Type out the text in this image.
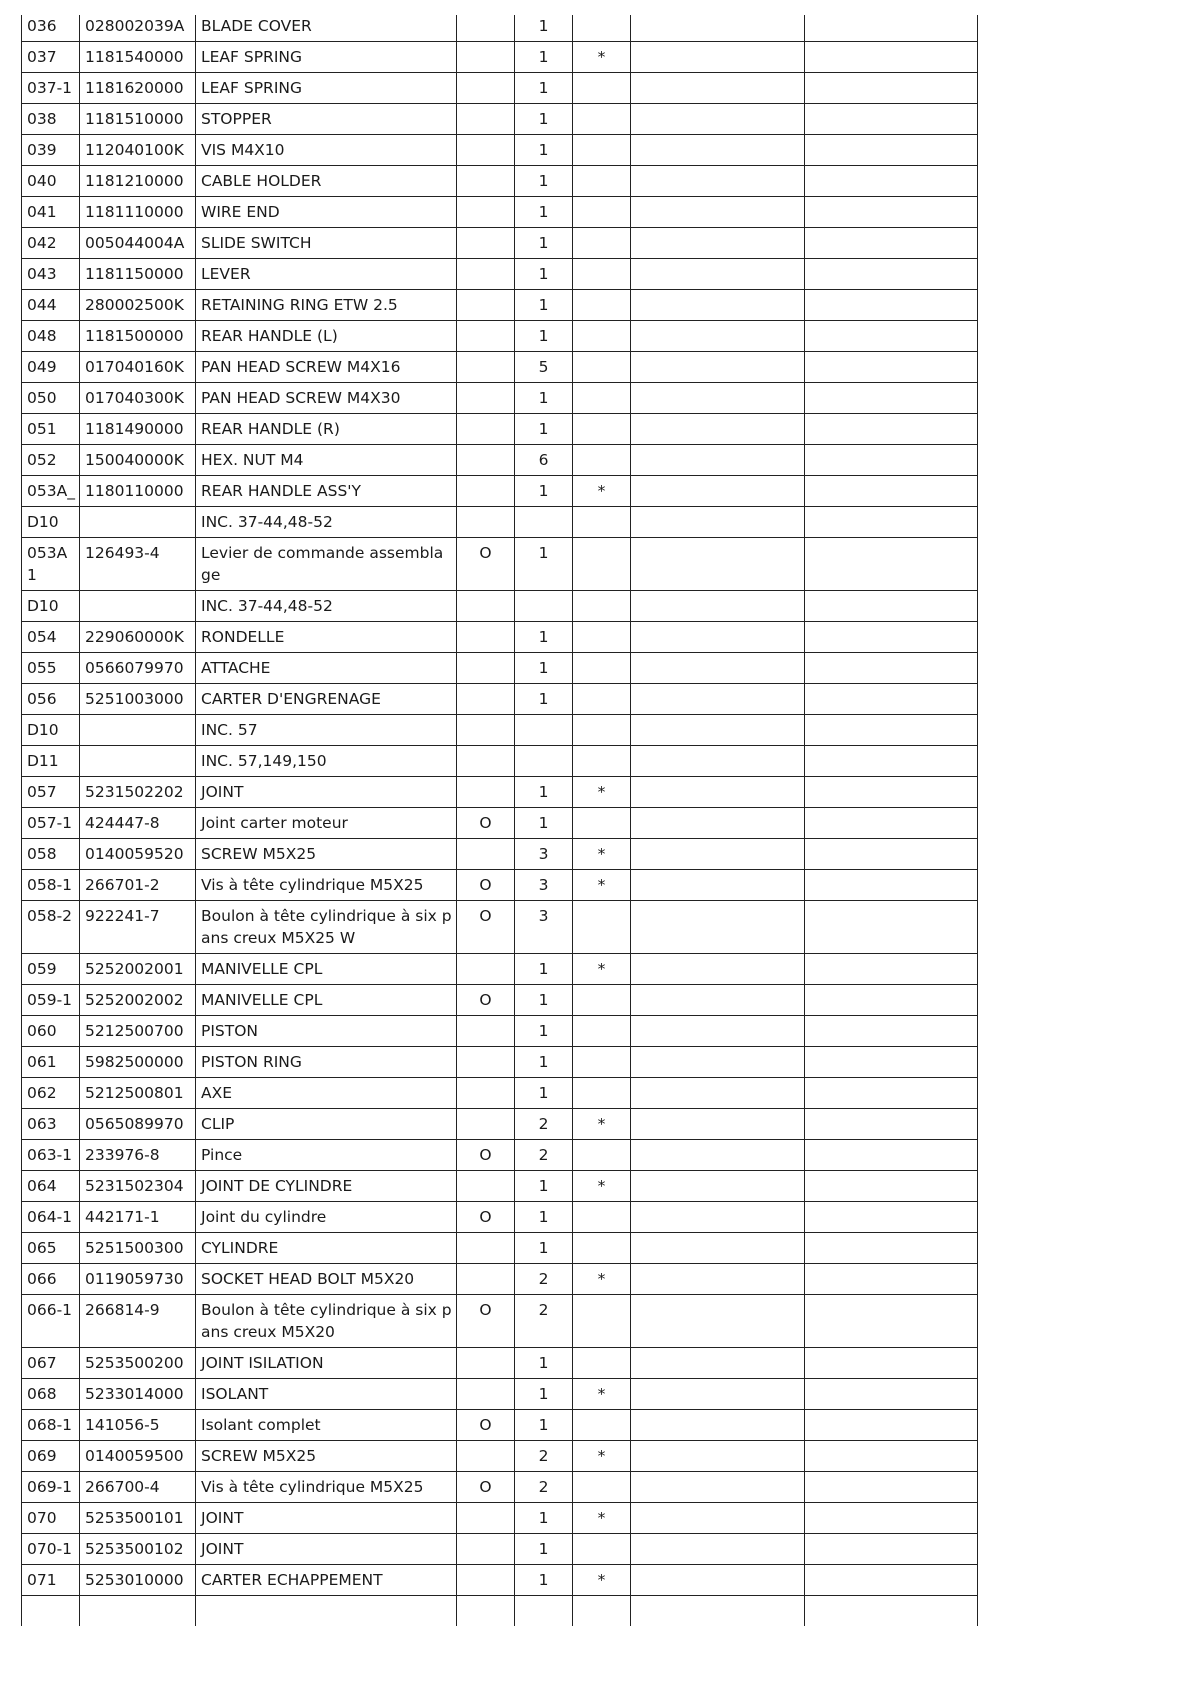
036	028002039A	BLADE COVER		1			
037	1181540000	LEAF SPRING		1	*		
037-1	1181620000	LEAF SPRING		1			
038	1181510000	STOPPER		1			
039	112040100K	VIS M4X10		1			
040	1181210000	CABLE HOLDER		1			
041	1181110000	WIRE END		1			
042	005044004A	SLIDE SWITCH		1			
043	1181150000	LEVER		1			
044	280002500K	RETAINING RING ETW 2.5		1			
048	1181500000	REAR HANDLE (L)		1			
049	017040160K	PAN HEAD SCREW M4X16		5			
050	017040300K	PAN HEAD SCREW M4X30		1			
051	1181490000	REAR HANDLE (R)		1			
052	150040000K	HEX. NUT M4		6			
053A_	1180110000	REAR HANDLE ASS'Y		1	*		
D10		INC. 37-44,48-52					
053A1	126493-4	Levier de commande assemblage	O	1			
D10		INC. 37-44,48-52					
054	229060000K	RONDELLE		1			
055	0566079970	ATTACHE		1			
056	5251003000	CARTER D'ENGRENAGE		1			
D10		INC. 57					
D11		INC. 57,149,150					
057	5231502202	JOINT		1	*		
057-1	424447-8	Joint carter moteur	O	1			
058	0140059520	SCREW M5X25		3	*		
058-1	266701-2	Vis à tête cylindrique M5X25	O	3	*		
058-2	922241-7	Boulon à tête cylindrique à six pans creux M5X25 W	O	3			
059	5252002001	MANIVELLE CPL		1	*		
059-1	5252002002	MANIVELLE CPL	O	1			
060	5212500700	PISTON		1			
061	5982500000	PISTON RING		1			
062	5212500801	AXE		1			
063	0565089970	CLIP		2	*		
063-1	233976-8	Pince	O	2			
064	5231502304	JOINT DE CYLINDRE		1	*		
064-1	442171-1	Joint du cylindre	O	1			
065	5251500300	CYLINDRE		1			
066	0119059730	SOCKET HEAD BOLT M5X20		2	*		
066-1	266814-9	Boulon à tête cylindrique à six pans creux M5X20	O	2			
067	5253500200	JOINT ISILATION		1			
068	5233014000	ISOLANT		1	*		
068-1	141056-5	Isolant complet	O	1			
069	0140059500	SCREW M5X25		2	*		
069-1	266700-4	Vis à tête cylindrique M5X25	O	2			
070	5253500101	JOINT		1	*		
070-1	5253500102	JOINT		1			
071	5253010000	CARTER ECHAPPEMENT		1	*		
